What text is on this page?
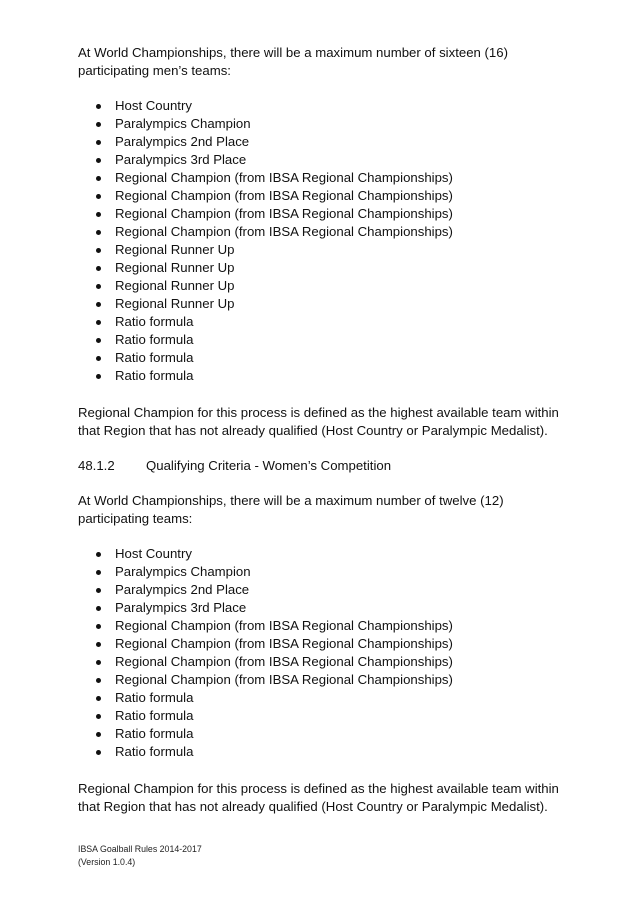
At World Championships, there will be a maximum number of sixteen (16) participating men’s teams:

Host Country
Paralympics Champion
Paralympics 2nd Place
Paralympics 3rd Place
Regional Champion (from IBSA Regional Championships)
Regional Champion (from IBSA Regional Championships)
Regional Champion (from IBSA Regional Championships)
Regional Champion (from IBSA Regional Championships)
Regional Runner Up
Regional Runner Up
Regional Runner Up
Regional Runner Up
Ratio formula
Ratio formula
Ratio formula
Ratio formula

Regional Champion for this process is defined as the highest available team within that Region that has not already qualified (Host Country or Paralympic Medalist).

48.1.2 Qualifying Criteria - Women’s Competition

At World Championships, there will be a maximum number of twelve (12) participating teams:

Host Country
Paralympics Champion
Paralympics 2nd Place
Paralympics 3rd Place
Regional Champion (from IBSA Regional Championships)
Regional Champion (from IBSA Regional Championships)
Regional Champion (from IBSA Regional Championships)
Regional Champion (from IBSA Regional Championships)
Ratio formula
Ratio formula
Ratio formula
Ratio formula

Regional Champion for this process is defined as the highest available team within that Region that has not already qualified (Host Country or Paralympic Medalist).

IBSA Goalball Rules 2014-2017
(Version 1.0.4)
